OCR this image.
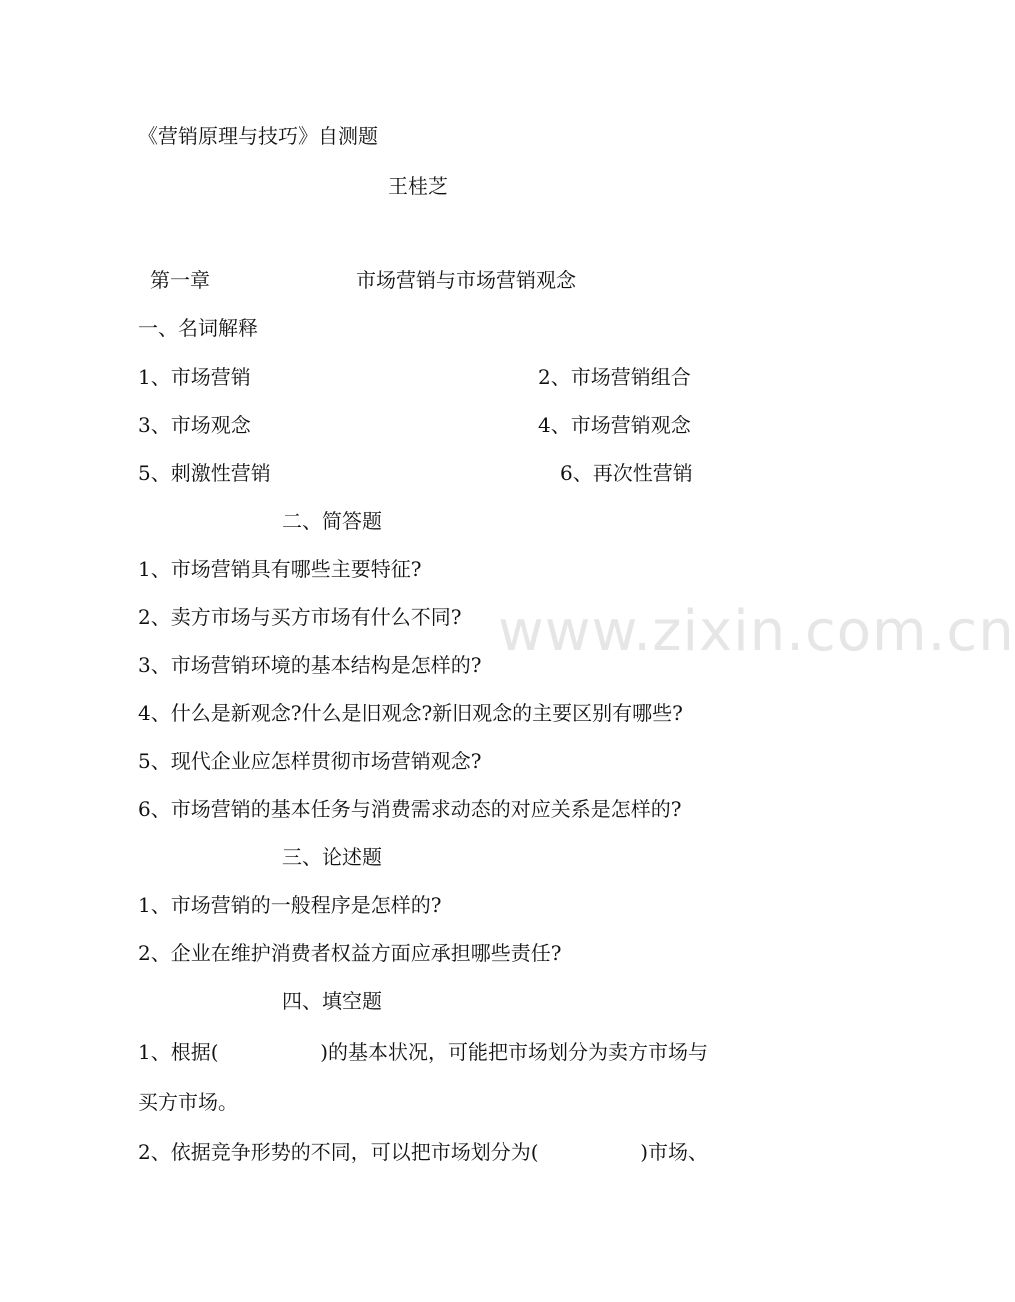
《营销原理与技巧》自测题
王桂芝
第一章	市场营销与市场营销观念
一、名词解释
1、市场营销	2、市场营销组合
3、市场观念	4、市场营销观念
5、刺激性营销	6、再次性营销
二、简答题
1、市场营销具有哪些主要特征?
2、卖方市场与买方市场有什么不同?
3、市场营销环境的基本结构是怎样的?
4、什么是新观念?什么是旧观念?新旧观念的主要区别有哪些?
5、现代企业应怎样贯彻市场营销观念?
6、市场营销的基本任务与消费需求动态的对应关系是怎样的?
三、论述题
1、市场营销的一般程序是怎样的?
2、企业在维护消费者权益方面应承担哪些责任?
四、填空题
1、根据(                )的基本状况，可能把市场划分为卖方市场与
买方市场。
2、依据竞争形势的不同，可以把市场划分为(                )市场、
www.zixin.com.cn
